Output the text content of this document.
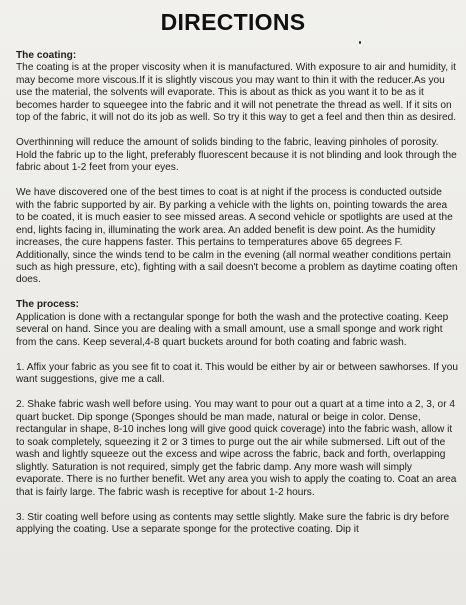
DIRECTIONS
The coating:

The coating is at the proper viscosity when it is manufactured. With exposure to air and humidity, it may become more viscous.If it is slightly viscous you may want to thin it with the reducer.As you use the material, the solvents will evaporate. This is about as thick as you want it to be as it becomes harder to squeegee into the fabric and it will not penetrate the thread as well. If it sits on top of the fabric, it will not do its job as well. So try it this way to get a feel and then thin as desired.

Overthinning will reduce the amount of solids binding to the fabric, leaving pinholes of porosity. Hold the fabric up to the light, preferably fluorescent because it is not blinding and look through the fabric about 1-2 feet from your eyes.

We have discovered one of the best times to coat is at night if the process is conducted outside with the fabric supported by air. By parking a vehicle with the lights on, pointing towards the area to be coated, it is much easier to see missed areas. A second vehicle or spotlights are used at the end, lights facing in, illuminating the work area. An added benefit is dew point. As the humidity increases, the cure happens faster. This pertains to temperatures above 65 degrees F. Additionally, since the winds tend to be calm in the evening (all normal weather conditions pertain such as high pressure, etc), fighting with a sail doesn't become a problem as daytime coating often does.

The process:

Application is done with a rectangular sponge for both the wash and the protective coating. Keep several on hand. Since you are dealing with a small amount, use a small sponge and work right from the cans. Keep several,4-8 quart buckets around for both coating and fabric wash.

1. Affix your fabric as you see fit to coat it. This would be either by air or between sawhorses. If you want suggestions, give me a call.

2. Shake fabric wash well before using. You may want to pour out a quart at a time into a 2, 3, or 4 quart bucket. Dip sponge (Sponges should be man made, natural or beige in color. Dense, rectangular in shape, 8-10 inches long will give good quick coverage) into the fabric wash, allow it to soak completely, squeezing it 2 or 3 times to purge out the air while submersed. Lift out of the wash and lightly squeeze out the excess and wipe across the fabric, back and forth, overlapping slightly. Saturation is not required, simply get the fabric damp. Any more wash will simply evaporate. There is no further benefit. Wet any area you wish to apply the coating to. Coat an area that is fairly large. The fabric wash is receptive for about 1-2 hours.

3. Stir coating well before using as contents may settle slightly. Make sure the fabric is dry before applying the coating. Use a separate sponge for the protective coating. Dip it
